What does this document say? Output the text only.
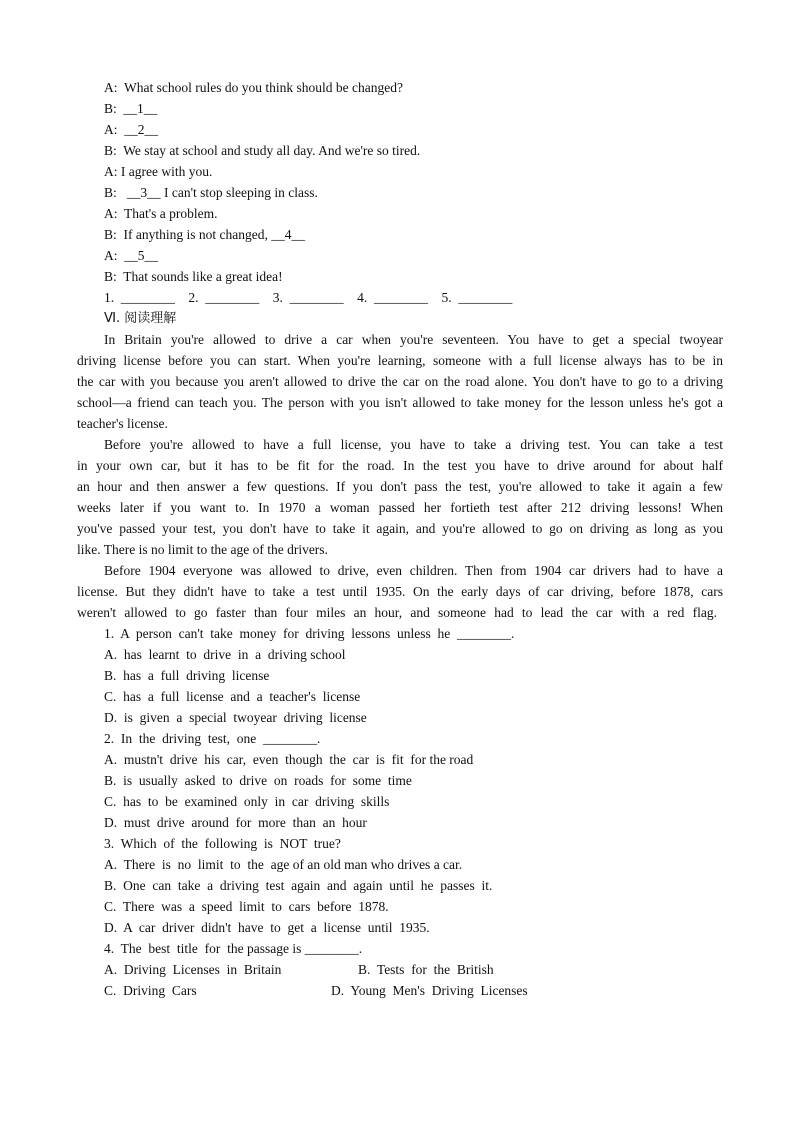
A:  What school rules do you think should be changed?
B:  __1__
A:  __2__
B:  We stay at school and study all day. And we're so tired.
A: I agree with you.
B:   __3__ I can't stop sleeping in class.
A:  That's a problem.
B:  If anything is not changed, __4__
A:  __5__
B:  That sounds like a great idea!
1.  ________    2.  ________    3.  ________    4.  ________    5.  ________
Ⅵ. 阅读理解
In Britain you're allowed to drive a car when you're seventeen. You have to get a special twoyear
driving license before you can start. When you're learning, someone with a full license always has to be in
the car with you because you aren't allowed to drive the car on the road alone. You don't have to go to a driving
school—a friend can teach you. The person with you isn't allowed to take money for the lesson unless he's got a
teacher's license.
Before you're allowed to have a full license, you have to take a driving test. You can take a test
in your own car, but it has to be fit for the road. In the test you have to drive around for about half
an hour and then answer a few questions. If you don't pass the test, you're allowed to take it again a few
weeks later if you want to. In 1970 a woman passed her fortieth test after 212 driving lessons! When
you've passed your test, you don't have to take it again, and you're allowed to go on driving as long as you
like. There is no limit to the age of the drivers.
Before 1904 everyone was allowed to drive, even children. Then from 1904 car drivers had to have a
license. But they didn't have to take a test until 1935. On the early days of car driving, before 1878, cars
weren't allowed to go faster than four miles an hour, and someone had to lead the car with a red flag.
1.  A  person  can't  take  money  for  driving  lessons  unless  he  ________.
A.  has  learnt  to  drive  in  a  driving school
B.  has  a  full  driving  license
C.  has  a  full  license  and  a  teacher's  license
D.  is  given  a  special  twoyear  driving  license
2.  In  the  driving  test,  one  ________.
A.  mustn't  drive  his  car,  even  though  the  car  is  fit  for the road
B.  is  usually  asked  to  drive  on  roads  for  some  time
C.  has  to  be  examined  only  in  car  driving  skills
D.  must  drive  around  for  more  than  an  hour
3.  Which  of  the  following  is  NOT  true?
A.  There  is  no  limit  to  the  age of an old man who drives a car.
B.  One  can  take  a  driving  test  again  and  again  until  he  passes  it.
C.  There  was  a  speed  limit  to  cars  before  1878.
D.  A  car  driver  didn't  have  to  get  a  license  until  1935.
4.  The  best  title  for  the passage is ________.
A.  Driving  Licenses  in  Britain	B.  Tests  for  the  British
C.  Driving  Cars	D.  Young  Men's  Driving  Licenses
